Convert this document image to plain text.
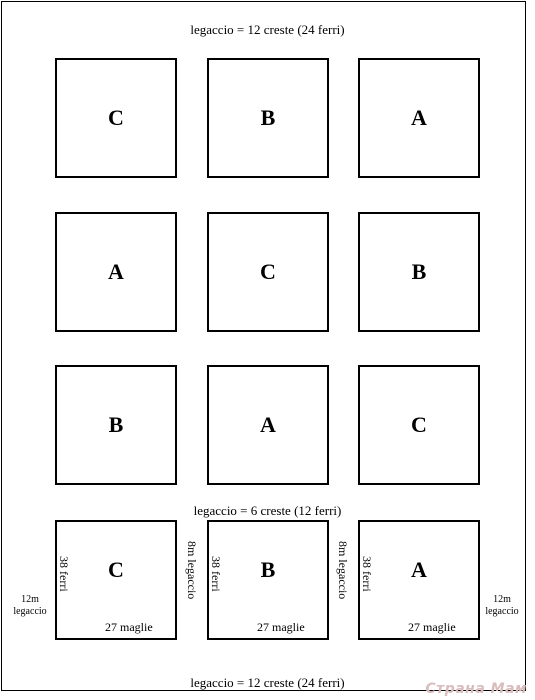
legaccio = 12 creste (24 ferri)
C	B	A
A	C	B
B	A	C
legaccio = 6 creste (12 ferri)
C
27 maglie
B
27 maglie
A
27 maglie
38 ferri	38 ferri	38 ferri
8m legaccio	8m legaccio
12m
legaccio
12m
legaccio
legaccio = 12 creste (24 ferri)	Страна Мам
